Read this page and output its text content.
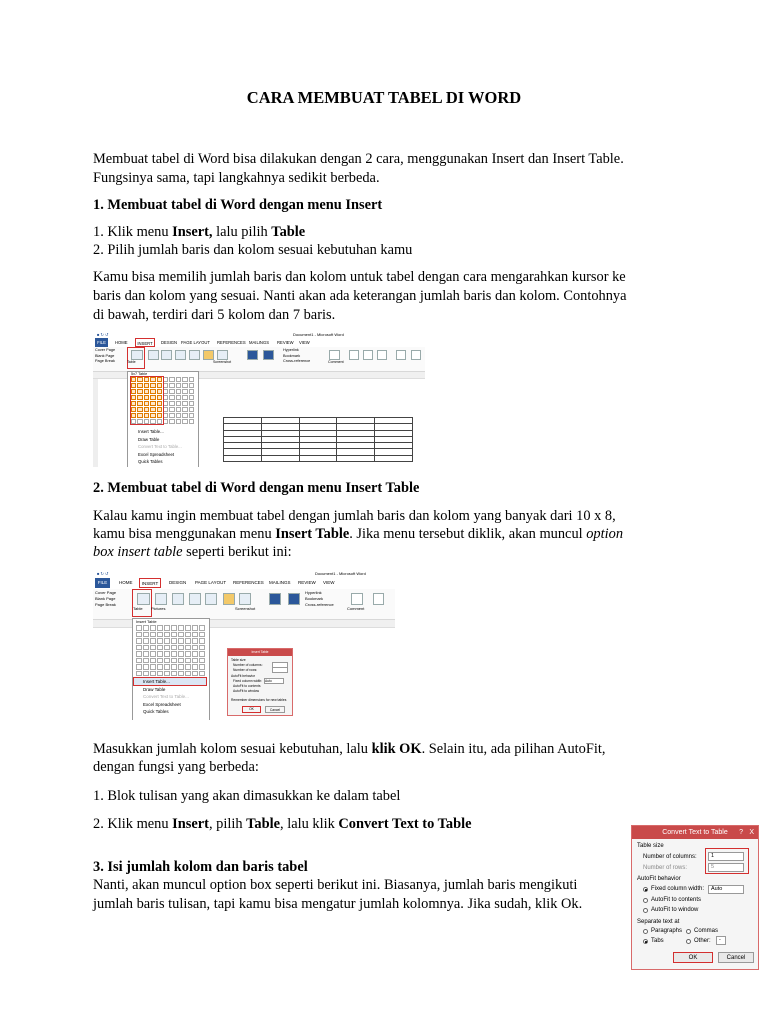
CARA MEMBUAT TABEL DI WORD
Membuat tabel di Word bisa dilakukan dengan 2 cara, menggunakan Insert dan Insert Table.
Fungsinya sama, tapi langkahnya sedikit berbeda.
1. Membuat tabel di Word dengan menu Insert
1. Klik menu Insert, lalu pilih Table
2. Pilih jumlah baris dan kolom sesuai kebutuhan kamu
Kamu bisa memilih jumlah baris dan kolom untuk tabel dengan cara mengarahkan kursor ke
baris dan kolom yang sesuai. Nanti akan ada keterangan jumlah baris dan kolom. Contohnya
di bawah, terdiri dari 5 kolom dan 7 baris.
■ ↻ ↺	Document1 - Microsoft Word
FILE	HOME	INSERT	DESIGN PAGE LAYOUT REFERENCES MAILINGS REVIEW VIEW
Cover Page
Blank Page
Page Break
Hyperlink
Bookmark
Cross-reference
Table	Screenshot	Comment
5x7 Table
Insert Table...
Draw Table
Convert Text to Table...
Excel Spreadsheet
Quick Tables

2. Membuat tabel di Word dengan menu Insert Table
Kalau kamu ingin membuat tabel dengan jumlah baris dan kolom yang banyak dari 10 x 8,
kamu bisa menggunakan menu Insert Table. Jika menu tersebut diklik, akan muncul option
box insert table seperti berikut ini:
■ ↻ ↺	Document1 - Microsoft Word
FILE	HOME	INSERT	DESIGN PAGE LAYOUT REFERENCES MAILINGS REVIEW VIEW
Cover Page
Blank Page
Page Break
Hyperlink
Bookmark
Cross-reference
Table Pictures	Screenshot	Comment
Insert Table
Insert Table...
Draw Table
Convert Text to Table...
Excel Spreadsheet
Quick Tables
Insert Table
Table size
Number of columns:
Number of rows:
AutoFit behavior
Fixed column width: Auto
AutoFit to contents
AutoFit to window
Remember dimensions for new tables
OK	Cancel
Masukkan jumlah kolom sesuai kebutuhan, lalu klik OK. Selain itu, ada pilihan AutoFit,
dengan fungsi yang berbeda:
1. Blok tulisan yang akan dimasukkan ke dalam tabel
2. Klik menu Insert, pilih Table, lalu klik Convert Text to Table
3. Isi jumlah kolom dan baris tabel
Nanti, akan muncul option box seperti berikut ini. Biasanya, jumlah baris mengikuti
jumlah baris tulisan, tapi kamu bisa mengatur jumlah kolomnya. Jika sudah, klik Ok.
Convert Text to Table	? X
Table size
Number of columns:	1
Number of rows:	5
AutoFit behavior
Fixed column width:	Auto
AutoFit to contents
AutoFit to window
Separate text at
Paragraphs Commas
Tabs	Other:	-
OK	Cancel
